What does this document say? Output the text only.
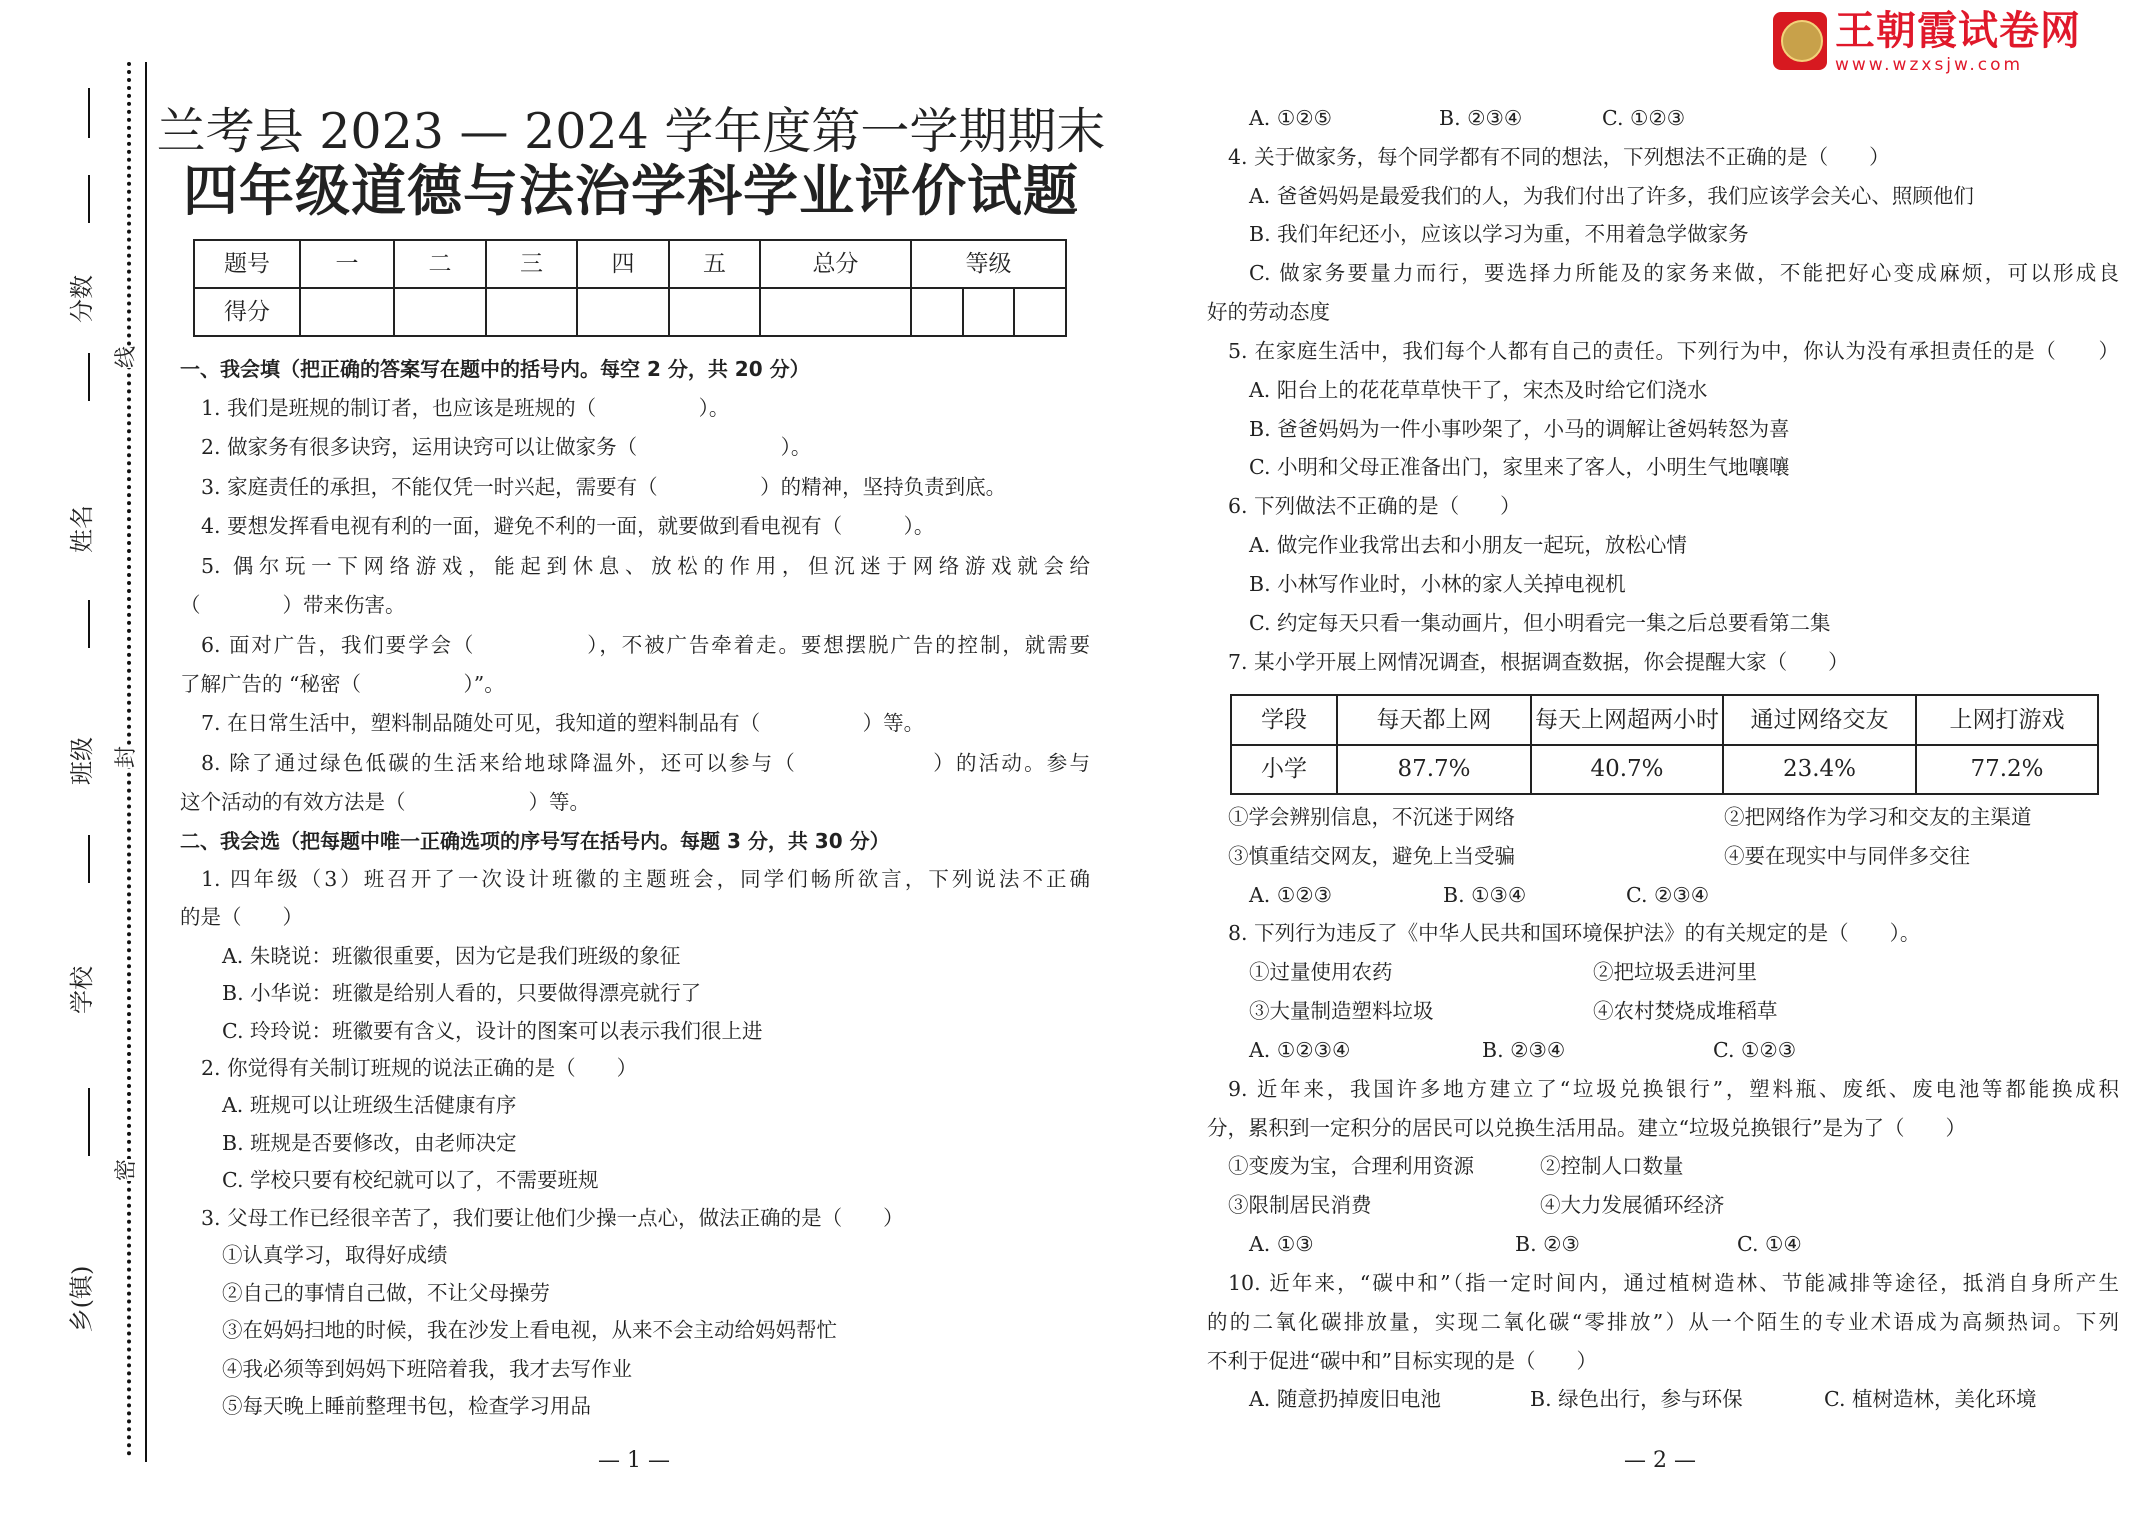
王朝霞试卷网
www.wzxsjw.com
分数
姓名
班级
学校
乡(镇)
线
封
密
兰考县 2023 — 2024 学年度第一学期期末
四年级道德与法治学科学业评价试题
题号	一	二	三	四	五	总分	等级		
得分									
一、我会填（把正确的答案写在题中的括号内。每空 2 分，共 20 分）
1. 我们是班规的制订者，也应该是班规的（　　　　　）。
2. 做家务有很多诀窍，运用诀窍可以让做家务（　　　　　　　）。
3. 家庭责任的承担，不能仅凭一时兴起，需要有（　　　　　）的精神，坚持负责到底。
4. 要想发挥看电视有利的一面，避免不利的一面，就要做到看电视有（　　　）。
5. 偶尔玩一下网络游戏，能起到休息、放松的作用，但沉迷于网络游戏就会给
（　　　　）带来伤害。
6. 面对广告，我们要学会（　　　　　），不被广告牵着走。要想摆脱广告的控制，就需要
了解广告的 “秘密（　　　　　）”。
7. 在日常生活中，塑料制品随处可见，我知道的塑料制品有（　　　　　）等。
8. 除了通过绿色低碳的生活来给地球降温外，还可以参与（　　　　　　）的活动。参与
这个活动的有效方法是（　　　　　　）等。
二、我会选（把每题中唯一正确选项的序号写在括号内。每题 3 分，共 30 分）
1. 四年级（3）班召开了一次设计班徽的主题班会，同学们畅所欲言，下列说法不正确
的是（　　）
A. 朱晓说：班徽很重要，因为它是我们班级的象征
B. 小华说：班徽是给别人看的，只要做得漂亮就行了
C. 玲玲说：班徽要有含义，设计的图案可以表示我们很上进
2. 你觉得有关制订班规的说法正确的是（　　）
A. 班规可以让班级生活健康有序
B. 班规是否要修改，由老师决定
C. 学校只要有校纪就可以了，不需要班规
3. 父母工作已经很辛苦了，我们要让他们少操一点心，做法正确的是（　　）
①认真学习，取得好成绩
②自己的事情自己做，不让父母操劳
③在妈妈扫地的时候，我在沙发上看电视，从来不会主动给妈妈帮忙
④我必须等到妈妈下班陪着我，我才去写作业
⑤每天晚上睡前整理书包，检查学习用品
A. ①②⑤	B. ②③④	C. ①②③
4. 关于做家务，每个同学都有不同的想法，下列想法不正确的是（　　）
A. 爸爸妈妈是最爱我们的人，为我们付出了许多，我们应该学会关心、照顾他们
B. 我们年纪还小，应该以学习为重，不用着急学做家务
C. 做家务要量力而行，要选择力所能及的家务来做，不能把好心变成麻烦，可以形成良
好的劳动态度
5. 在家庭生活中，我们每个人都有自己的责任。下列行为中，你认为没有承担责任的是（　　）
A. 阳台上的花花草草快干了，宋杰及时给它们浇水
B. 爸爸妈妈为一件小事吵架了，小马的调解让爸妈转怒为喜
C. 小明和父母正准备出门，家里来了客人，小明生气地嚷嚷
6. 下列做法不正确的是（　　）
A. 做完作业我常出去和小朋友一起玩，放松心情
B. 小林写作业时，小林的家人关掉电视机
C. 约定每天只看一集动画片，但小明看完一集之后总要看第二集
7. 某小学开展上网情况调查，根据调查数据，你会提醒大家（　　）
①学会辨别信息，不沉迷于网络	②把网络作为学习和交友的主渠道
③慎重结交网友，避免上当受骗	④要在现实中与同伴多交往
A. ①②③	B. ①③④	C. ②③④
8. 下列行为违反了《中华人民共和国环境保护法》的有关规定的是（　　）。
①过量使用农药	②把垃圾丢进河里
③大量制造塑料垃圾	④农村焚烧成堆稻草
A. ①②③④	B. ②③④	C. ①②③
9. 近年来，我国许多地方建立了“垃圾兑换银行”，塑料瓶、废纸、废电池等都能换成积
分，累积到一定积分的居民可以兑换生活用品。建立“垃圾兑换银行”是为了（　　）
①变废为宝，合理利用资源	②控制人口数量
③限制居民消费	④大力发展循环经济
A. ①③	B. ②③	C. ①④
10. 近年来，“碳中和”（指一定时间内，通过植树造林、节能减排等途径，抵消自身所产生
的的二氧化碳排放量，实现二氧化碳“零排放”）从一个陌生的专业术语成为高频热词。下列
不利于促进“碳中和”目标实现的是（　　）
A. 随意扔掉废旧电池	B. 绿色出行，参与环保	C. 植树造林，美化环境
学段	每天都上网	每天上网超两小时	通过网络交友	上网打游戏
小学	87.7%	40.7%	23.4%	77.2%
— 1 —	— 2 —
